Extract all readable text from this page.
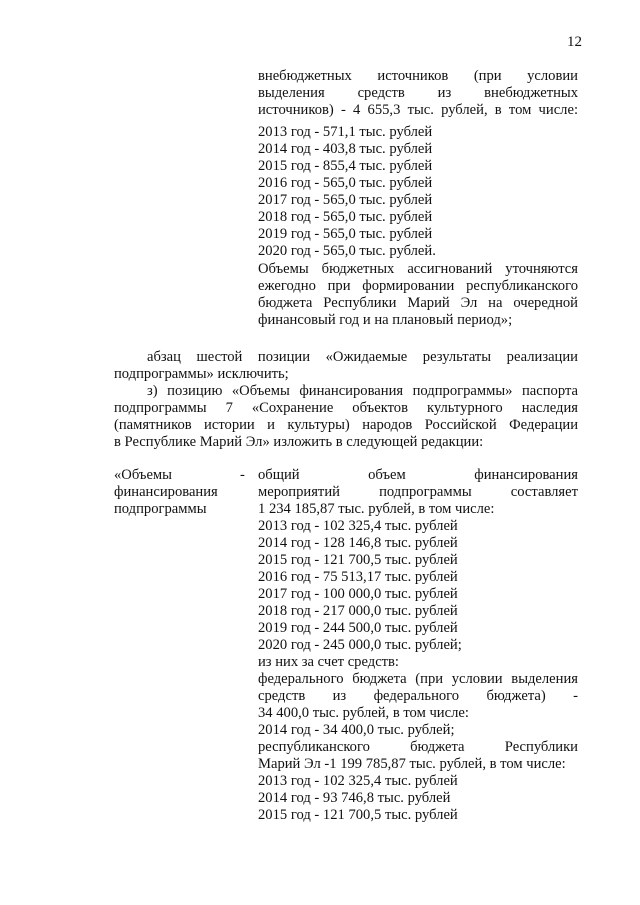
12
внебюджетных источников (при условии
выделения средств из внебюджетных
источников) - 4 655,3 тыс. рублей, в том числе:
2013 год - 571,1 тыс. рублей
2014 год - 403,8 тыс. рублей
2015 год - 855,4 тыс. рублей
2016 год - 565,0 тыс. рублей
2017 год - 565,0 тыс. рублей
2018 год - 565,0 тыс. рублей
2019 год - 565,0 тыс. рублей
2020 год - 565,0 тыс. рублей.
Объемы бюджетных ассигнований уточняются
ежегодно при формировании республиканского
бюджета Республики Марий Эл на очередной
финансовый год и на плановый период»;
абзац шестой позиции «Ожидаемые результаты реализации
подпрограммы» исключить;
з) позицию «Объемы финансирования подпрограммы» паспорта
подпрограммы 7 «Сохранение объектов культурного наследия
(памятников истории и культуры) народов Российской Федерации
в Республике Марий Эл» изложить в следующей редакции:
«Объемы
финансирования
подпрограммы
- общий объем финансирования
мероприятий подпрограммы составляет
1 234 185,87 тыс. рублей, в том числе:
2013 год - 102 325,4 тыс. рублей
2014 год - 128 146,8 тыс. рублей
2015 год - 121 700,5 тыс. рублей
2016 год - 75 513,17 тыс. рублей
2017 год - 100 000,0 тыс. рублей
2018 год - 217 000,0 тыс. рублей
2019 год - 244 500,0 тыс. рублей
2020 год - 245 000,0 тыс. рублей;
из них за счет средств:
федерального бюджета (при условии выделения
средств из федерального бюджета) -
34 400,0 тыс. рублей, в том числе:
2014 год - 34 400,0 тыс. рублей;
республиканского бюджета Республики
Марий Эл -1 199 785,87 тыс. рублей, в том числе:
2013 год - 102 325,4 тыс. рублей
2014 год - 93 746,8 тыс. рублей
2015 год - 121 700,5 тыс. рублей
